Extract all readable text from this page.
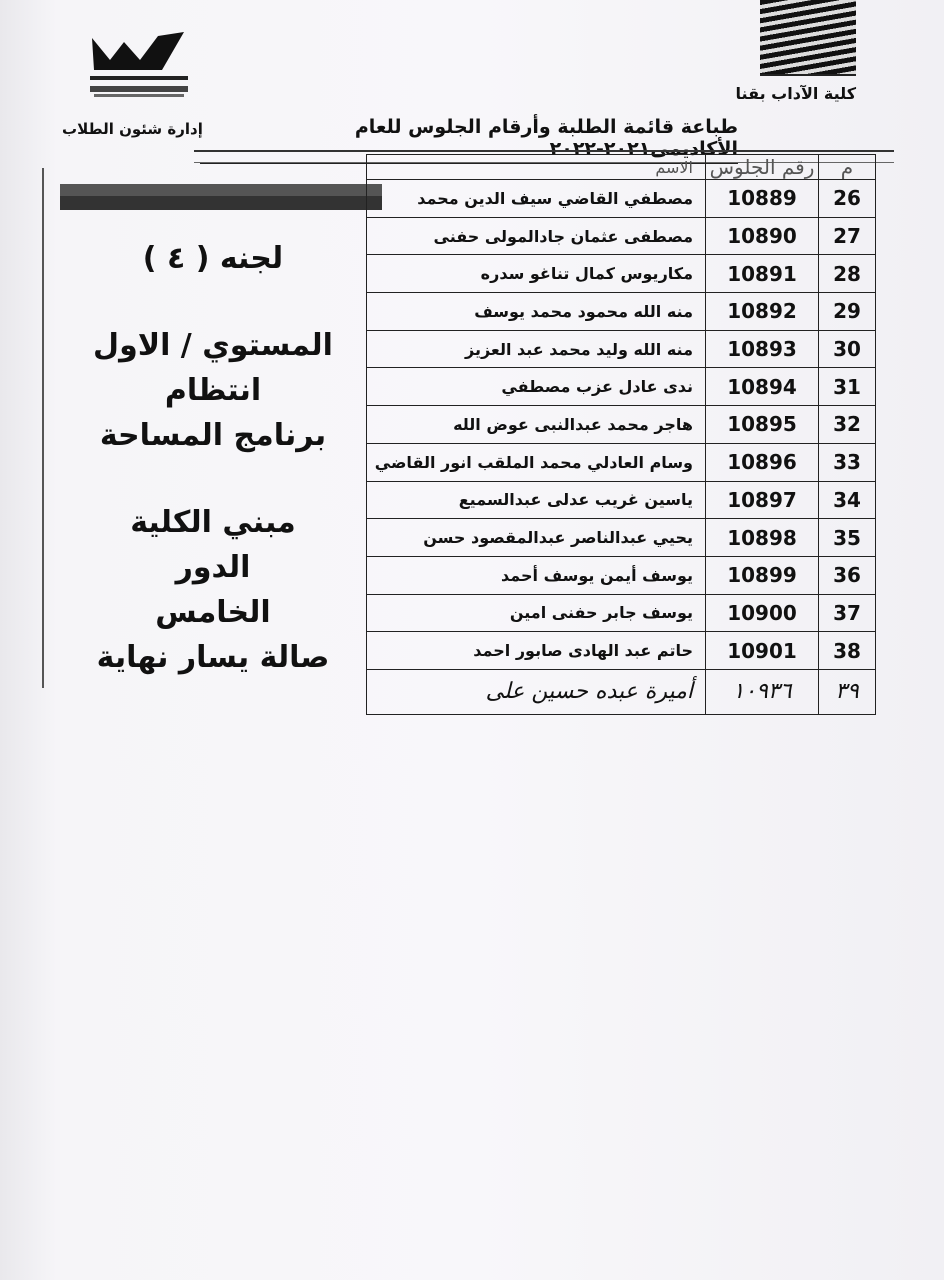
كلية الآداب بقنا
إدارة شئون الطلاب	طباعة قائمة الطلبة وأرقام الجلوس للعام الأكاديمى٢٠٢١-٢٠٢٢
الاسم	رقم الجلوس	م
مصطفي القاضي سيف الدين محمد	10889	26
مصطفى عثمان جادالمولى حفنى	10890	27
مكاريوس كمال تناغو سدره	10891	28
منه الله محمود محمد يوسف	10892	29
منه الله وليد محمد عبد العزيز	10893	30
ندى عادل عزب مصطفي	10894	31
هاجر محمد عبدالنبى عوض الله	10895	32
وسام العادلي محمد الملقب انور القاضي	10896	33
ياسين غريب عدلى عبدالسميع	10897	34
يحيي عبدالناصر عبدالمقصود حسن	10898	35
يوسف أيمن يوسف أحمد	10899	36
يوسف جابر حفنى امين	10900	37
حاتم عبد الهادى صابور احمد	10901	38
أميرة عبده حسين على	١٠٩٣٦	٣٩
لجنه ( ٤ )
المستوي / الاول
انتظام
برنامج المساحة
مبني الكلية الدور
الخامس
صالة يسار نهاية
